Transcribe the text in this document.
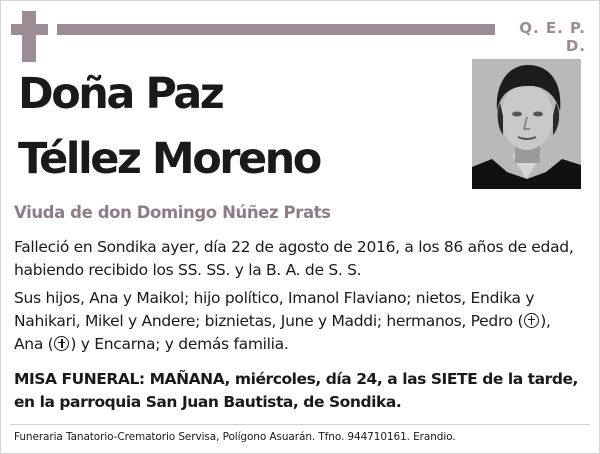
Q. E. P. D.
Doña Paz
Téllez Moreno
Viuda de don Domingo Núñez Prats
Falleció en Sondika ayer, día 22 de agosto de 2016, a los 86 años de edad,
habiendo recibido los SS. SS. y la B. A. de S. S.
Sus hijos, Ana y Maikol; hijo político, Imanol Flaviano; nietos, Endika y
Nahikari, Mikel y Andere; biznietas, June y Maddi; hermanos, Pedro ( ),
Ana ( ) y Encarna; y demás familia.
MISA FUNERAL: MAÑANA, miércoles, día 24, a las SIETE de la tarde,
en la parroquia San Juan Bautista, de Sondika.
Funeraria Tanatorio-Crematorio Servisa, Polígono Asuarán. Tfno. 944710161. Erandio.
